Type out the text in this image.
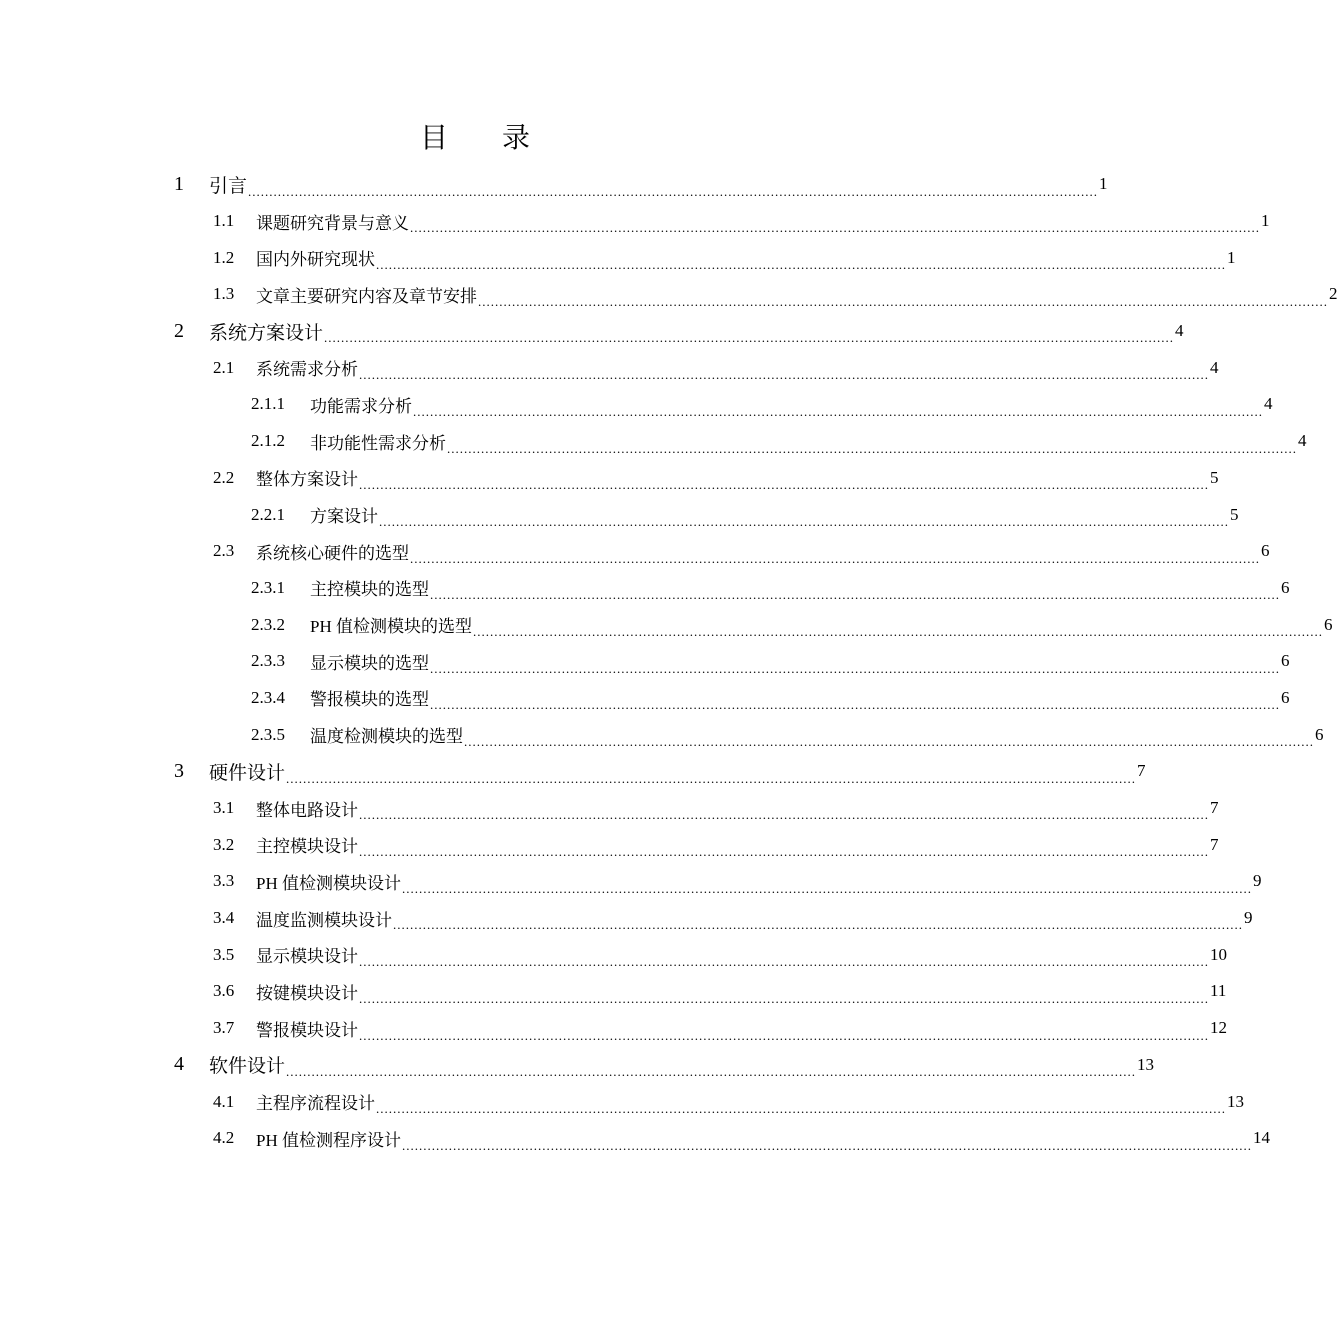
目录
1	引言 ........................................................................................................................................................................................................ 1
1.1	课题研究背景与意义 ........................................................................................................................................................................................................ 1
1.2	国内外研究现状 ........................................................................................................................................................................................................ 1
1.3	文章主要研究内容及章节安排 ........................................................................................................................................................................................................ 2
2	系统方案设计 ........................................................................................................................................................................................................ 4
2.1	系统需求分析 ........................................................................................................................................................................................................ 4
2.1.1	功能需求分析 ........................................................................................................................................................................................................ 4
2.1.2	非功能性需求分析 ........................................................................................................................................................................................................ 4
2.2	整体方案设计 ........................................................................................................................................................................................................ 5
2.2.1	方案设计 ........................................................................................................................................................................................................ 5
2.3	系统核心硬件的选型 ........................................................................................................................................................................................................ 6
2.3.1	主控模块的选型 ........................................................................................................................................................................................................ 6
2.3.2	PH 值检测模块的选型 ........................................................................................................................................................................................................ 6
2.3.3	显示模块的选型 ........................................................................................................................................................................................................ 6
2.3.4	警报模块的选型 ........................................................................................................................................................................................................ 6
2.3.5	温度检测模块的选型 ........................................................................................................................................................................................................ 6
3	硬件设计 ........................................................................................................................................................................................................ 7
3.1	整体电路设计 ........................................................................................................................................................................................................ 7
3.2	主控模块设计 ........................................................................................................................................................................................................ 7
3.3	PH 值检测模块设计 ........................................................................................................................................................................................................ 9
3.4	温度监测模块设计 ........................................................................................................................................................................................................ 9
3.5	显示模块设计 ........................................................................................................................................................................................................ 10
3.6	按键模块设计 ........................................................................................................................................................................................................ 11
3.7	警报模块设计 ........................................................................................................................................................................................................ 12
4	软件设计 ........................................................................................................................................................................................................ 13
4.1	主程序流程设计 ........................................................................................................................................................................................................ 13
4.2	PH 值检测程序设计 ........................................................................................................................................................................................................ 14
